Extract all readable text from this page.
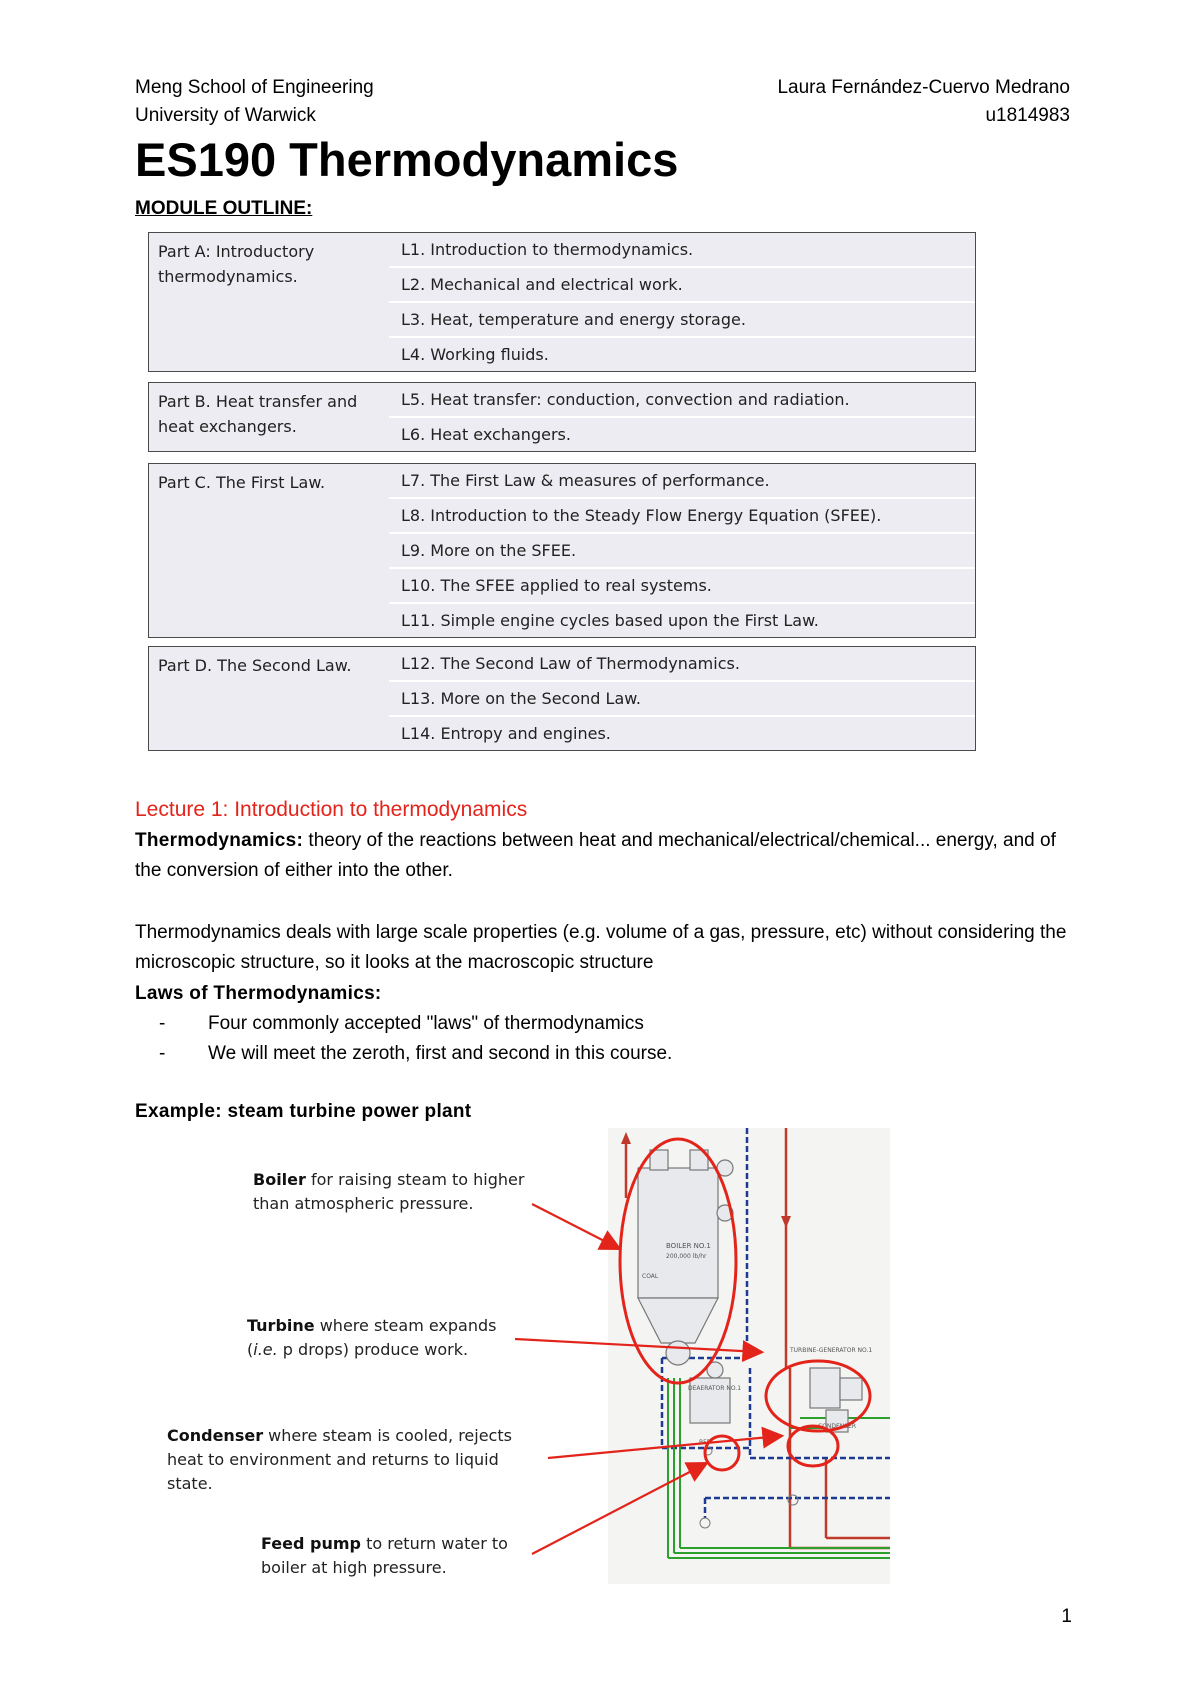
Meng School of Engineering
University of Warwick
Laura Fernández-Cuervo Medrano
u1814983
ES190 Thermodynamics
MODULE OUTLINE:
Part A: Introductory thermodynamics.
L1. Introduction to thermodynamics.
L2. Mechanical and electrical work.
L3. Heat, temperature and energy storage.
L4. Working fluids.
Part B. Heat transfer and heat exchangers.
L5. Heat transfer: conduction, convection and radiation.
L6. Heat exchangers.
Part C. The First Law.	L7. The First Law & measures of performance.
L8. Introduction to the Steady Flow Energy Equation (SFEE).
L9. More on the SFEE.
L10. The SFEE applied to real systems.
L11. Simple engine cycles based upon the First Law.
Part D. The Second Law.	L12. The Second Law of Thermodynamics.
L13. More on the Second Law.
L14. Entropy and engines.
Lecture 1: Introduction to thermodynamics

Thermodynamics: theory of the reactions between heat and mechanical/electrical/chemical... energy, and of the conversion of either into the other.

Thermodynamics deals with large scale properties (e.g. volume of a gas, pressure, etc) without considering the microscopic structure, so it looks at the macroscopic structure

Laws of Thermodynamics:

- Four commonly accepted "laws" of thermodynamics
- We will meet the zeroth, first and second in this course.
Example: steam turbine power plant
BOILER NO.1
200,000 lb/hr
COAL
TURBINE-GENERATOR NO.1
DEAERATOR NO.1
BFP
CONDENSER
Boiler for raising steam to higher
than atmospheric pressure.
Turbine where steam expands
(i.e. p drops) produce work.
Condenser where steam is cooled, rejects
heat to environment and returns to liquid
state.
Feed pump to return water to
boiler at high pressure.
1
